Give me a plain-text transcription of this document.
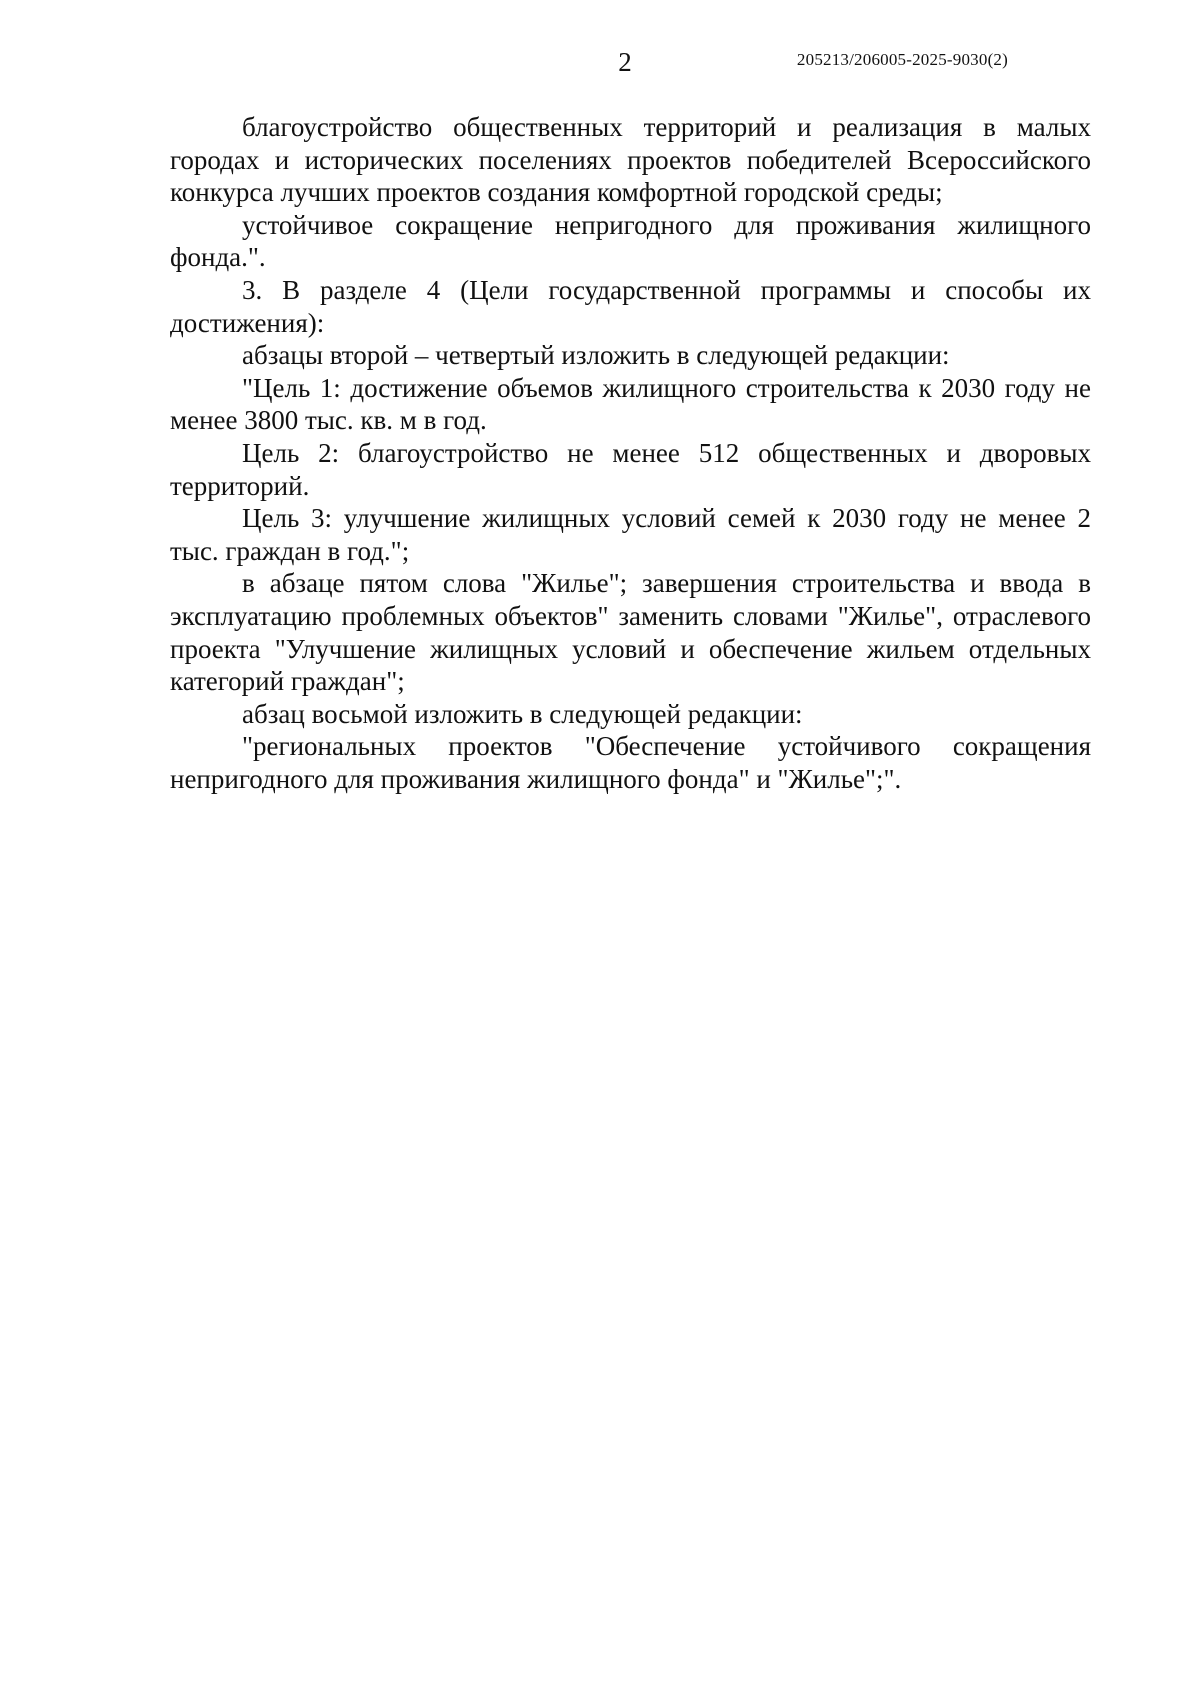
2	205213/206005-2025-9030(2)

благоустройство общественных территорий и реализация в малых городах и исторических поселениях проектов победителей Всероссийского конкурса лучших проектов создания комфортной городской среды;

устойчивое сокращение непригодного для проживания жилищного фонда.".

3. В разделе 4 (Цели государственной программы и способы их достижения):

абзацы второй – четвертый изложить в следующей редакции:

"Цель 1: достижение объемов жилищного строительства к 2030 году не менее 3800 тыс. кв. м в год.

Цель 2: благоустройство не менее 512 общественных и дворовых территорий.

Цель 3: улучшение жилищных условий семей к 2030 году не менее 2 тыс. граждан в год.";

в абзаце пятом слова "Жилье"; завершения строительства и ввода в эксплуатацию проблемных объектов" заменить словами "Жилье", отраслевого проекта "Улучшение жилищных условий и обеспечение жильем отдельных категорий граждан";

абзац восьмой изложить в следующей редакции:

"региональных проектов "Обеспечение устойчивого сокращения непригодного для проживания жилищного фонда" и "Жилье";".
